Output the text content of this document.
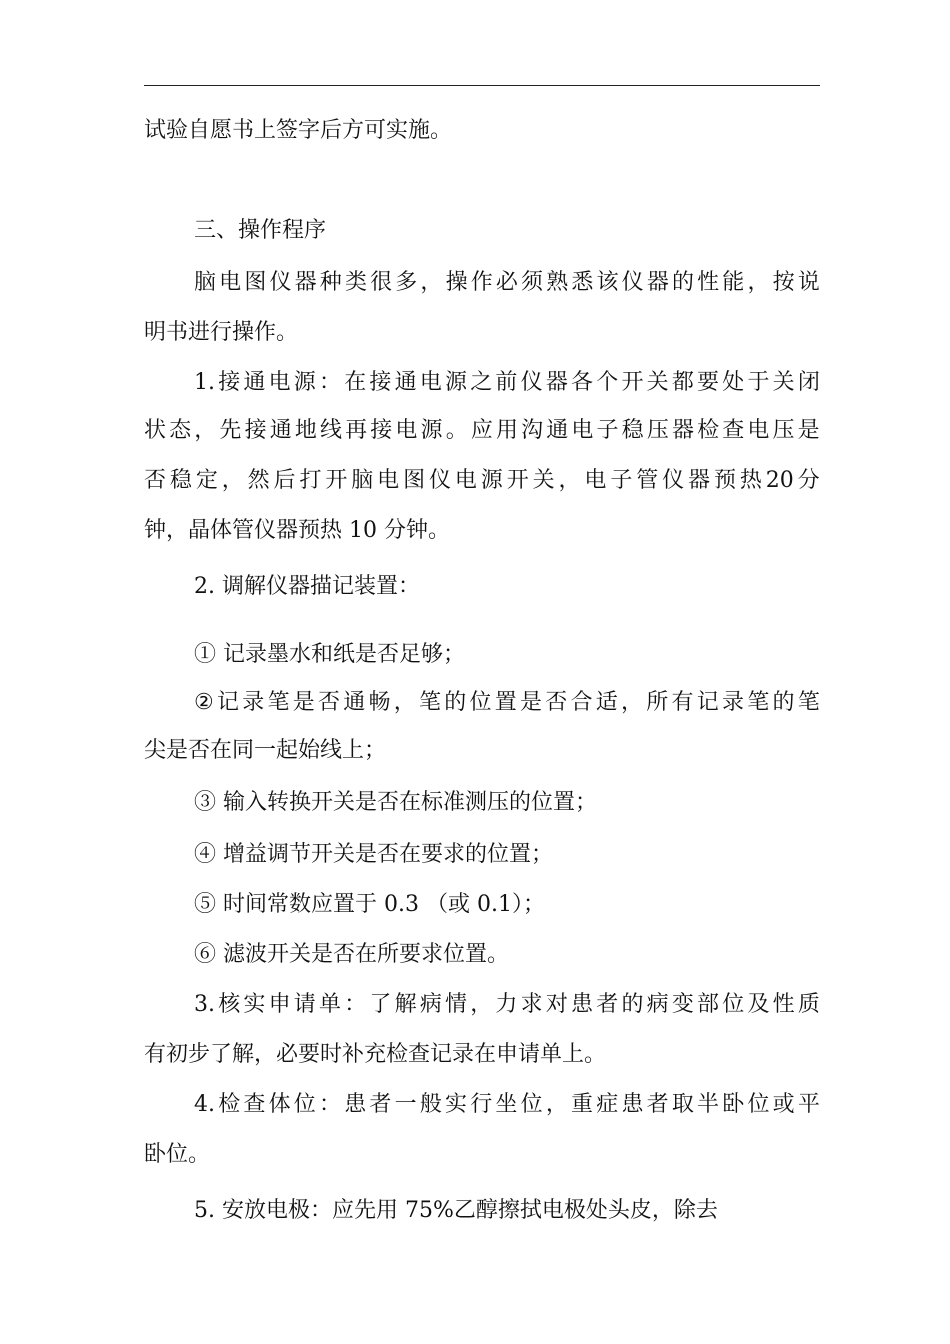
试验自愿书上签字后方可实施。
三、操作程序
脑 电 图 仪 器 种 类 很 多 ， 操 作 必 须 熟 悉 该 仪 器 的 性 能 ， 按 说
明书进行操作。
1. 接 通 电 源 ： 在 接 通 电 源 之 前 仪 器 各 个 开 关 都 要 处 于 关 闭
状 态 ， 先 接 通 地 线 再 接 电 源 。 应 用 沟 通 电 子 稳 压 器 检 查 电 压 是
否 稳 定 ， 然 后 打 开 脑 电 图 仪 电 源 开 关 ， 电 子 管 仪 器 预 热 20 分
钟，晶体管仪器预热 10 分钟。
2. 调解仪器描记装置：
① 记录墨水和纸是否足够；
② 记 录 笔 是 否 通 畅 ， 笔 的 位 置 是 否 合 适 ， 所 有 记 录 笔 的 笔
尖是否在同一起始线上；
③ 输入转换开关是否在标准测压的位置；
④ 增益调节开关是否在要求的位置；
⑤ 时间常数应置于 0.3 （或 0.1）；
⑥ 滤波开关是否在所要求位置。
3. 核 实 申 请 单 ： 了 解 病 情 ， 力 求 对 患 者 的 病 变 部 位 及 性 质
有初步了解，必要时补充检查记录在申请单上。
4. 检 查 体 位 ： 患 者 一 般 实 行 坐 位 ， 重 症 患 者 取 半 卧 位 或 平
卧位。
5. 安放电极：应先用 75%乙醇擦拭电极处头皮，除去
